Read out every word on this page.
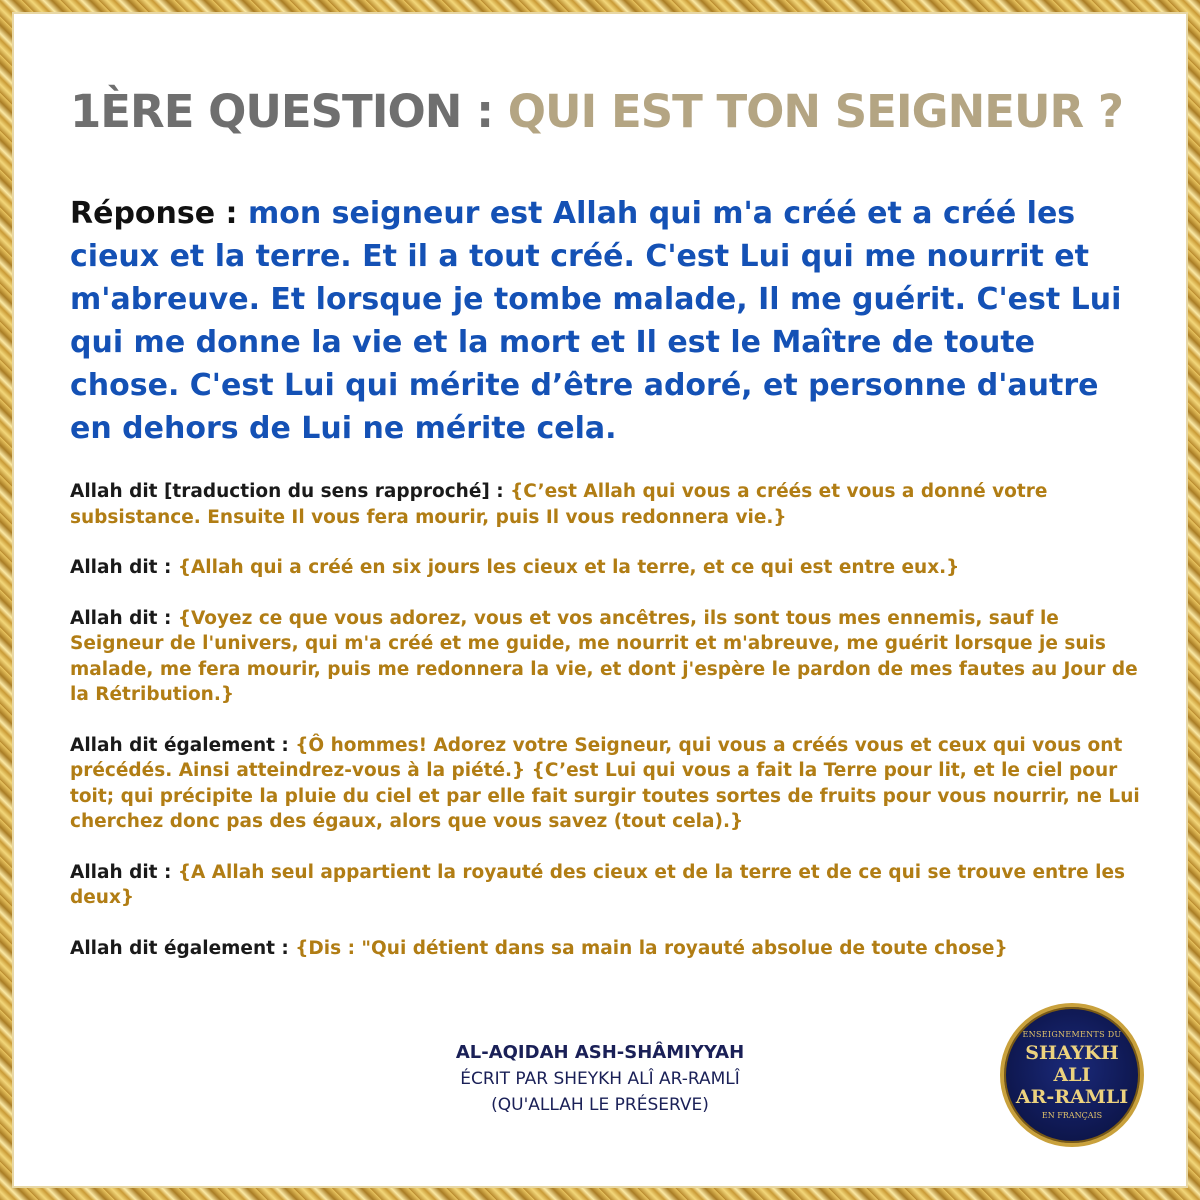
1ÈRE QUESTION : QUI EST TON SEIGNEUR ?

Réponse : mon seigneur est Allah qui m'a créé et a créé les cieux et la terre. Et il a tout créé. C'est Lui qui me nourrit et m'abreuve. Et lorsque je tombe malade, Il me guérit. C'est Lui qui me donne la vie et la mort et Il est le Maître de toute chose. C'est Lui qui mérite d’être adoré, et personne d'autre en dehors de Lui ne mérite cela.

Allah dit [traduction du sens rapproché] : {C’est Allah qui vous a créés et vous a donné votre subsistance. Ensuite Il vous fera mourir, puis Il vous redonnera vie.}

Allah dit : {Allah qui a créé en six jours les cieux et la terre, et ce qui est entre eux.}

Allah dit : {Voyez ce que vous adorez, vous et vos ancêtres, ils sont tous mes ennemis, sauf le Seigneur de l'univers, qui m'a créé et me guide, me nourrit et m'abreuve, me guérit lorsque je suis malade, me fera mourir, puis me redonnera la vie, et dont j'espère le pardon de mes fautes au Jour de la Rétribution.}

Allah dit également : {Ô hommes! Adorez votre Seigneur, qui vous a créés vous et ceux qui vous ont précédés. Ainsi atteindrez-vous à la piété.} {C’est Lui qui vous a fait la Terre pour lit, et le ciel pour toit; qui précipite la pluie du ciel et par elle fait surgir toutes sortes de fruits pour vous nourrir, ne Lui cherchez donc pas des égaux, alors que vous savez (tout cela).}

Allah dit : {A Allah seul appartient la royauté des cieux et de la terre et de ce qui se trouve entre les deux}

Allah dit également : {Dis : "Qui détient dans sa main la royauté absolue de toute chose}

AL-AQIDAH ASH-SHÂMIYYAH
ÉCRIT PAR SHEYKH ALÎ AR-RAMLÎ
(QU'ALLAH LE PRÉSERVE)
ENSEIGNEMENTS DU
SHAYKH ALI
AR-RAMLI
EN FRANÇAIS
